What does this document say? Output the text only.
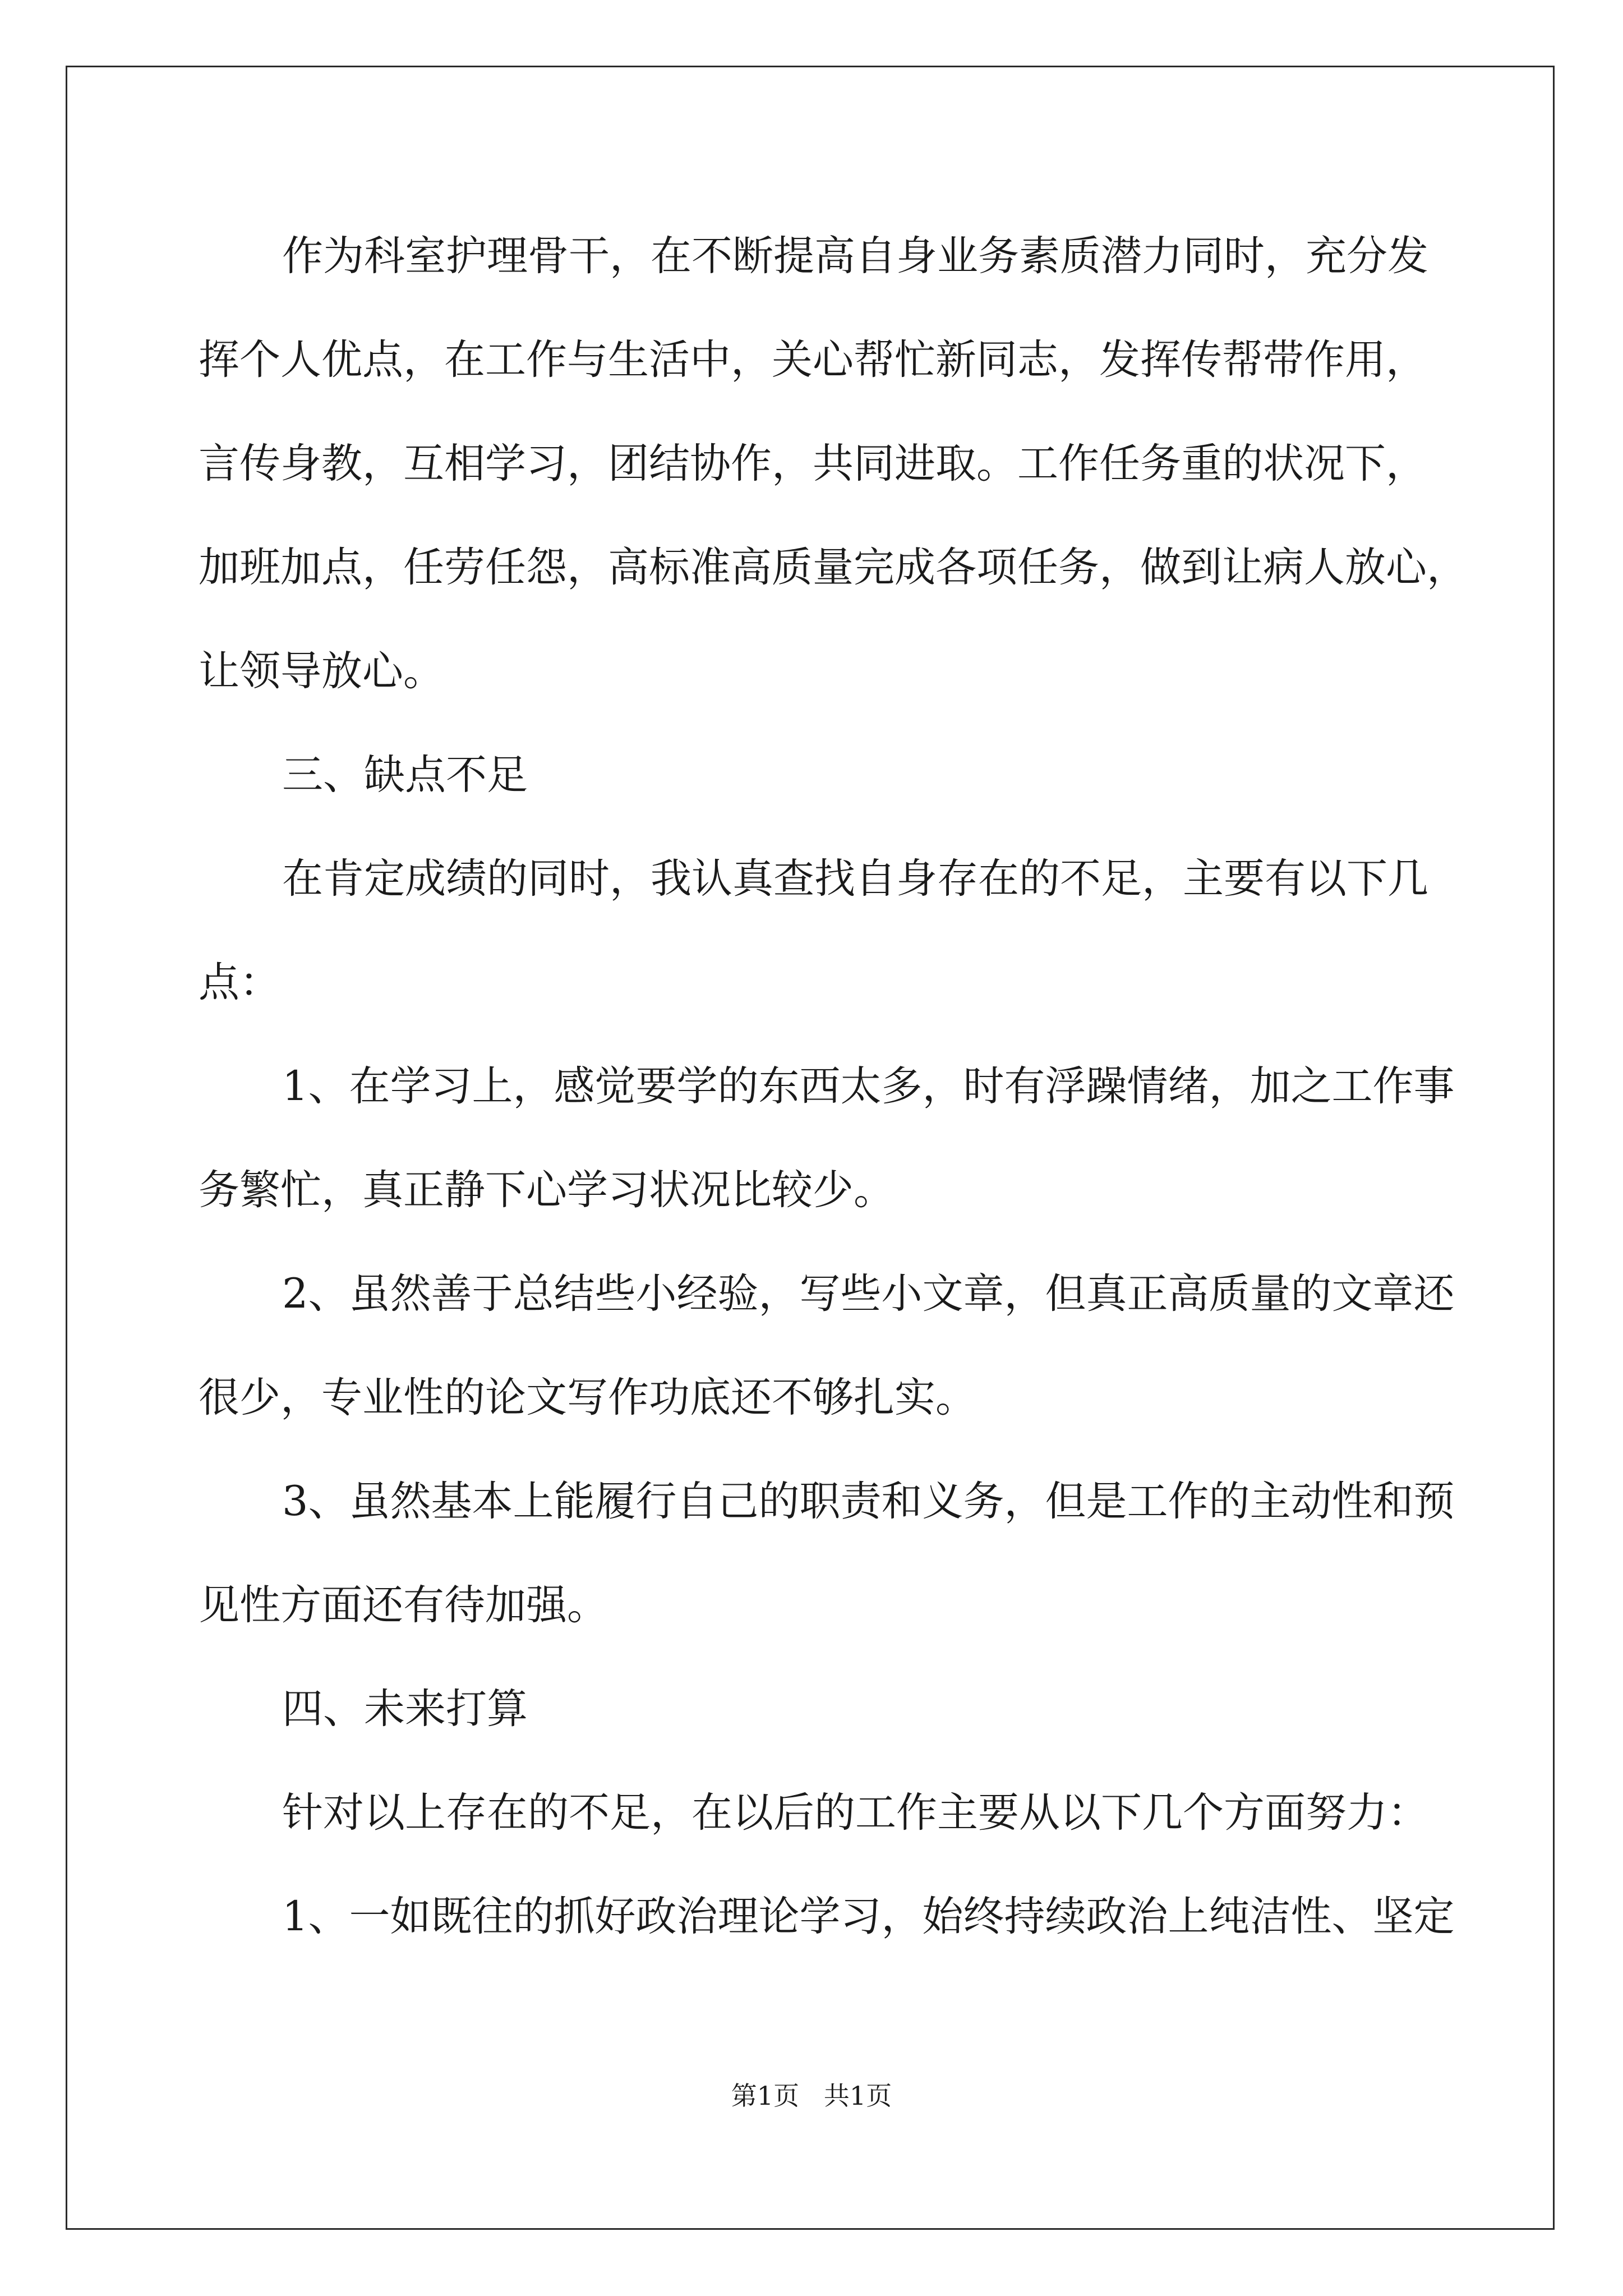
作为科室护理骨干，在不断提高自身业务素质潜力同时，充分发
挥个人优点，在工作与生活中，关心帮忙新同志，发挥传帮带作用，
言传身教，互相学习，团结协作，共同进取。工作任务重的状况下，
加班加点，任劳任怨，高标准高质量完成各项任务，做到让病人放心，
让领导放心。
三、缺点不足
在肯定成绩的同时，我认真查找自身存在的不足，主要有以下几
点：
1、在学习上，感觉要学的东西太多，时有浮躁情绪，加之工作事
务繁忙，真正静下心学习状况比较少。
2、虽然善于总结些小经验，写些小文章，但真正高质量的文章还
很少，专业性的论文写作功底还不够扎实。
3、虽然基本上能履行自己的职责和义务，但是工作的主动性和预
见性方面还有待加强。
四、未来打算
针对以上存在的不足，在以后的工作主要从以下几个方面努力：
1、一如既往的抓好政治理论学习，始终持续政治上纯洁性、坚定
第1页   共1页
